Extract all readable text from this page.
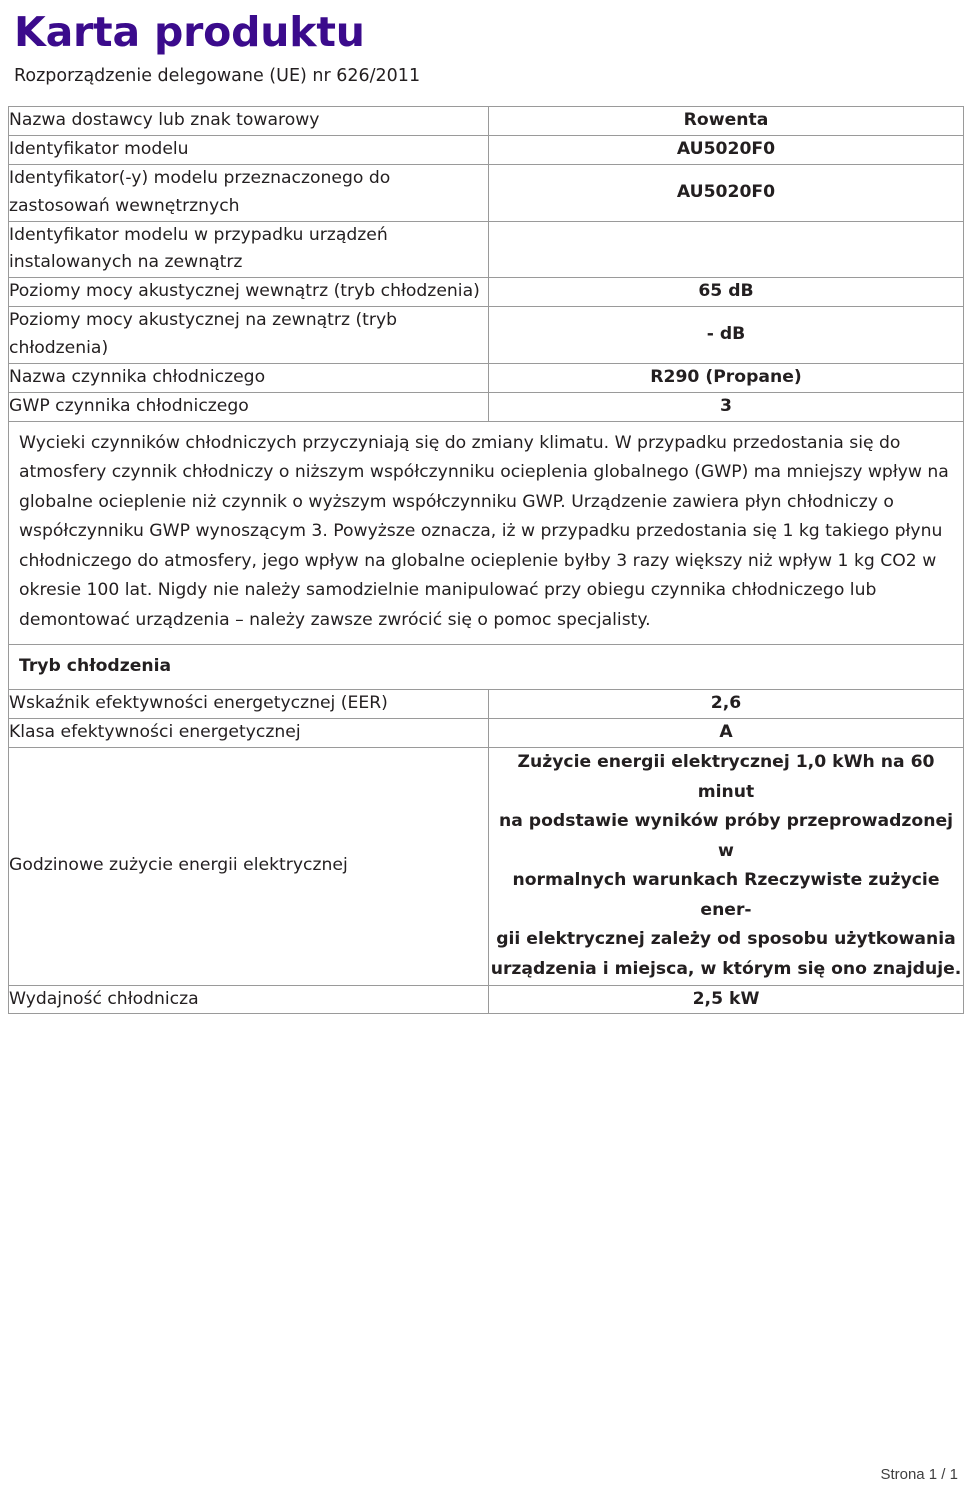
Karta produktu
Rozporządzenie delegowane (UE) nr 626/2011
Nazwa dostawcy lub znak towarowy	Rowenta
Identyfikator modelu	AU5020F0
Identyfikator(-y) modelu przeznaczonego do zastosowań wewnętrznych	AU5020F0
Identyfikator modelu w przypadku urządzeń instalowanych na zewnątrz	
Poziomy mocy akustycznej wewnątrz (tryb chłodzenia)	65 dB
Poziomy mocy akustycznej na zewnątrz (tryb chłodzenia)	- dB
Nazwa czynnika chłodniczego	R290 (Propane)
GWP czynnika chłodniczego	3
Wycieki czynników chłodniczych przyczyniają się do zmiany klimatu. W przypadku przedostania się do atmosfery czynnik chłodniczy o niższym współczynniku ocieplenia globalnego (GWP) ma mniejszy wpływ na globalne ocieplenie niż czynnik o wyższym współczynniku GWP. Urządzenie zawiera płyn chłodniczy o współczynniku GWP wynoszącym 3. Powyższe oznacza, iż w przypadku przedostania się 1 kg takiego płynu chłodniczego do atmosfery, jego wpływ na globalne ocieplenie byłby 3 razy większy niż wpływ 1 kg CO2 w okresie 100 lat. Nigdy nie należy samodzielnie manipulować przy obiegu czynnika chłodniczego lub demontować urządzenia – należy zawsze zwrócić się o pomoc specjalisty.	
Tryb chłodzenia	
Wskaźnik efektywności energetycznej (EER)	2,6
Klasa efektywności energetycznej	A
Godzinowe zużycie energii elektrycznej	Zużycie energii elektrycznej 1,0 kWh na 60 minut
na podstawie wyników próby przeprowadzonej w
normalnych warunkach Rzeczywiste zużycie ener-
gii elektrycznej zależy od sposobu użytkowania
urządzenia i miejsca, w którym się ono znajduje.

Wydajność chłodnicza	2,5 kW
Strona 1 / 1
